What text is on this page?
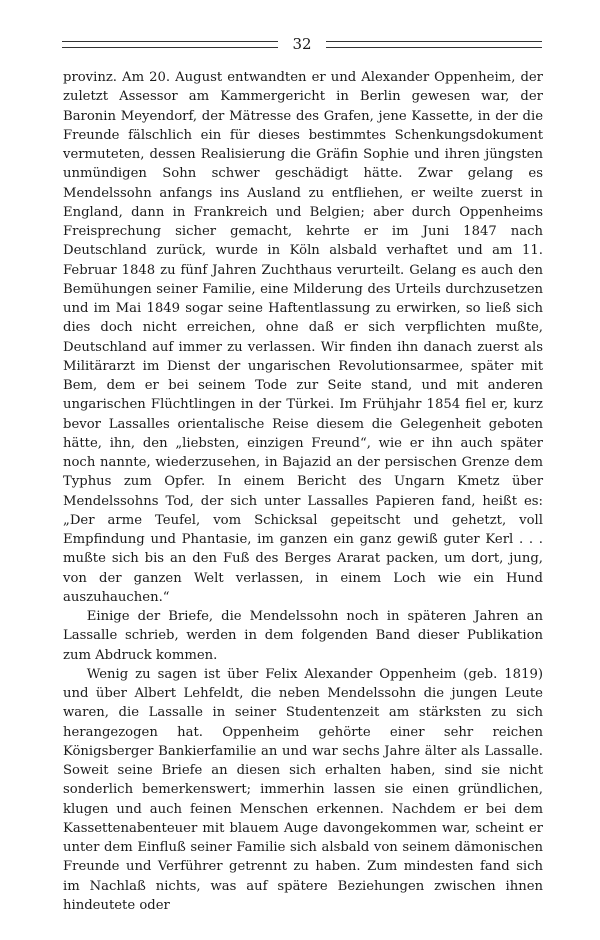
32

provinz. Am 20. August entwandten er und Alexander Oppenheim, der zuletzt Assessor am Kammergericht in Berlin gewesen war, der Baronin Meyendorf, der Mätresse des Grafen, jene Kassette, in der die Freunde fälschlich ein für dieses bestimmtes Schenkungsdokument vermuteten, dessen Realisierung die Gräfin Sophie und ihren jüngsten unmündigen Sohn schwer geschädigt hätte. Zwar gelang es Mendelssohn anfangs ins Ausland zu entfliehen, er weilte zuerst in England, dann in Frankreich und Belgien; aber durch Oppenheims Freisprechung sicher gemacht, kehrte er im Juni 1847 nach Deutschland zurück, wurde in Köln alsbald verhaftet und am 11. Februar 1848 zu fünf Jahren Zuchthaus verurteilt. Gelang es auch den Bemühungen seiner Familie, eine Milderung des Urteils durchzusetzen und im Mai 1849 sogar seine Haftentlassung zu erwirken, so ließ sich dies doch nicht erreichen, ohne daß er sich verpflichten mußte, Deutschland auf immer zu verlassen. Wir finden ihn danach zuerst als Militärarzt im Dienst der ungarischen Revolutionsarmee, später mit Bem, dem er bei seinem Tode zur Seite stand, und mit anderen ungarischen Flüchtlingen in der Türkei. Im Frühjahr 1854 fiel er, kurz bevor Lassalles orientalische Reise diesem die Gelegenheit geboten hätte, ihn, den „liebsten, einzigen Freund“, wie er ihn auch später noch nannte, wiederzusehen, in Bajazid an der persischen Grenze dem Typhus zum Opfer. In einem Bericht des Ungarn Kmetz über Mendelssohns Tod, der sich unter Lassalles Papieren fand, heißt es: „Der arme Teufel, vom Schicksal gepeitscht und gehetzt, voll Empfindung und Phantasie, im ganzen ein ganz gewiß guter Kerl . . . mußte sich bis an den Fuß des Berges Ararat packen, um dort, jung, von der ganzen Welt verlassen, in einem Loch wie ein Hund auszuhauchen.“

Einige der Briefe, die Mendelssohn noch in späteren Jahren an Lassalle schrieb, werden in dem folgenden Band dieser Publikation zum Abdruck kommen.

Wenig zu sagen ist über Felix Alexander Oppenheim (geb. 1819) und über Albert Lehfeldt, die neben Mendelssohn die jungen Leute waren, die Lassalle in seiner Studentenzeit am stärksten zu sich herangezogen hat. Oppenheim gehörte einer sehr reichen Königsberger Bankierfamilie an und war sechs Jahre älter als Lassalle. Soweit seine Briefe an diesen sich erhalten haben, sind sie nicht sonderlich bemerkenswert; immerhin lassen sie einen gründlichen, klugen und auch feinen Menschen erkennen. Nachdem er bei dem Kassettenabenteuer mit blauem Auge davongekommen war, scheint er unter dem Einfluß seiner Familie sich alsbald von seinem dämonischen Freunde und Verführer getrennt zu haben. Zum mindesten fand sich im Nachlaß nichts, was auf spätere Beziehungen zwischen ihnen hindeutete oder
